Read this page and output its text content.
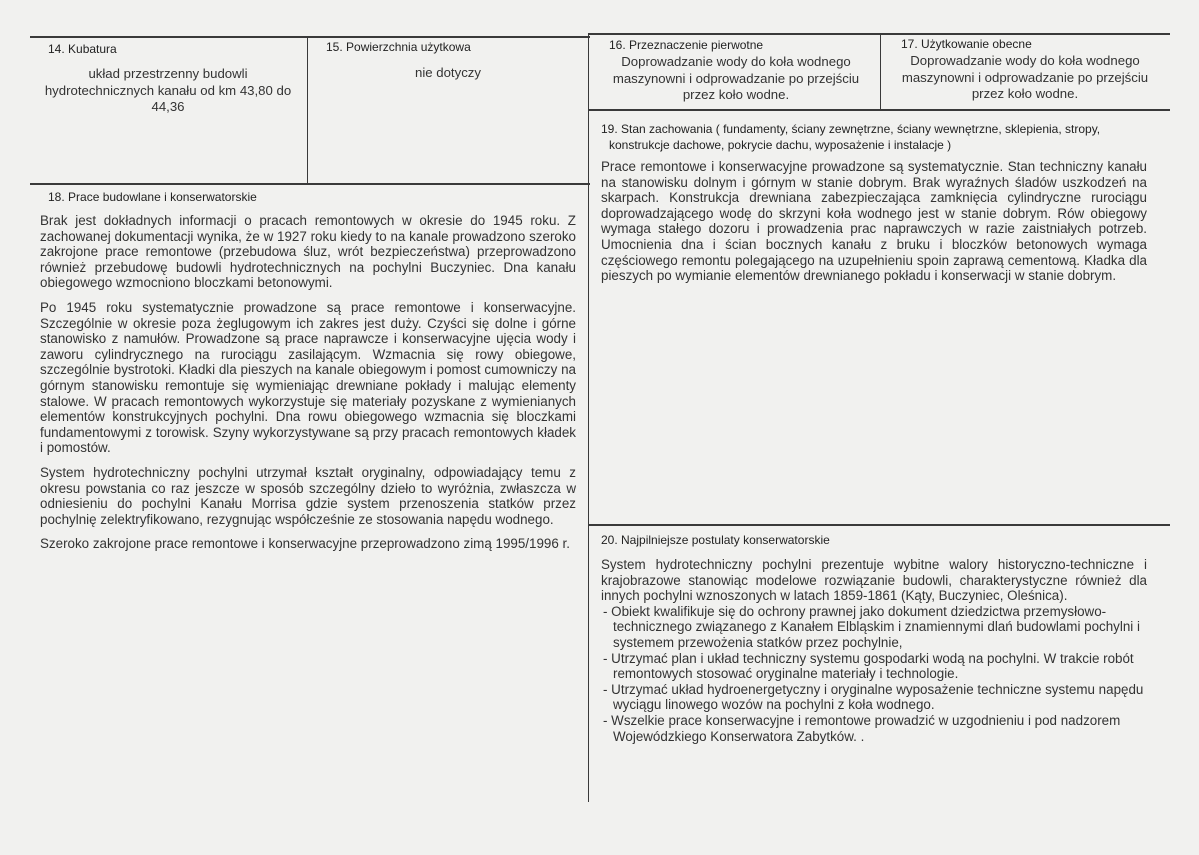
14. Kubatura
układ przestrzenny budowli hydrotechnicznych kanału od km 43,80 do 44,36
15. Powierzchnia użytkowa
nie dotyczy
16. Przeznaczenie pierwotne
Doprowadzanie wody do koła wodnego maszynowni i odprowadzanie po przejściu przez koło wodne.
17. Użytkowanie obecne
Doprowadzanie wody do koła wodnego maszynowni i odprowadzanie po przejściu przez koło wodne.
18. Prace budowlane i konserwatorskie

Brak jest dokładnych informacji o pracach remontowych w okresie do 1945 roku. Z zachowanej dokumentacji wynika, że w 1927 roku kiedy to na kanale prowadzono szeroko zakrojone prace remontowe (przebudowa śluz, wrót bezpieczeństwa) przeprowadzono również przebudowę budowli hydrotechnicznych na pochylni Buczyniec. Dna kanału obiegowego wzmocniono bloczkami betonowymi.

Po 1945 roku systematycznie prowadzone są prace remontowe i konserwacyjne. Szczególnie w okresie poza żeglugowym ich zakres jest duży. Czyści się dolne i górne stanowisko z namułów. Prowadzone są prace naprawcze i konserwacyjne ujęcia wody i zaworu cylindrycznego na rurociągu zasilającym. Wzmacnia się rowy obiegowe, szczególnie bystrotoki. Kładki dla pieszych na kanale obiegowym i pomost cumowniczy na górnym stanowisku remontuje się wymieniając drewniane pokłady i malując elementy stalowe. W pracach remontowych wykorzystuje się materiały pozyskane z wymienianych elementów konstrukcyjnych pochylni. Dna rowu obiegowego wzmacnia się bloczkami fundamentowymi z torowisk. Szyny wykorzystywane są przy pracach remontowych kładek i pomostów.

System hydrotechniczny pochylni utrzymał kształt oryginalny, odpowiadający temu z okresu powstania co raz jeszcze w sposób szczególny dzieło to wyróżnia, zwłaszcza w odniesieniu do pochylni Kanału Morrisa gdzie system przenoszenia statków przez pochylnię zelektryfikowano, rezygnując współcześnie ze stosowania napędu wodnego.

Szeroko zakrojone prace remontowe i konserwacyjne przeprowadzono zimą 1995/1996 r.

19. Stan zachowania ( fundamenty, ściany zewnętrzne, ściany wewnętrzne, sklepienia, stropy,
konstrukcje dachowe, pokrycie dachu, wyposażenie i instalacje )
Prace remontowe i konserwacyjne prowadzone są systematycznie. Stan techniczny kanału na stanowisku dolnym i górnym w stanie dobrym. Brak wyraźnych śladów uszkodzeń na skarpach. Konstrukcja drewniana zabezpieczająca zamknięcia cylindryczne rurociągu doprowadzającego wodę do skrzyni koła wodnego jest w stanie dobrym. Rów obiegowy wymaga stałego dozoru i prowadzenia prac naprawczych w razie zaistniałych potrzeb. Umocnienia dna i ścian bocznych kanału z bruku i bloczków betonowych wymaga częściowego remontu polegającego na uzupełnieniu spoin zaprawą cementową. Kładka dla pieszych po wymianie elementów drewnianego pokładu i konserwacji w stanie dobrym.
20. Najpilniejsze postulaty konserwatorskie
System hydrotechniczny pochylni prezentuje wybitne walory historyczno-techniczne i krajobrazowe stanowiąc modelowe rozwiązanie budowli, charakterystyczne również dla innych pochylni wznoszonych w latach 1859-1861 (Kąty, Buczyniec, Oleśnica).
- Obiekt kwalifikuje się do ochrony prawnej jako dokument dziedzictwa przemysłowo-technicznego związanego z Kanałem Elbląskim i znamiennymi dlań budowlami pochylni i systemem przewożenia statków przez pochylnie,
- Utrzymać plan i układ techniczny systemu gospodarki wodą na pochylni. W trakcie robót remontowych stosować oryginalne materiały i technologie.
- Utrzymać układ hydroenergetyczny i oryginalne wyposażenie techniczne systemu napędu wyciągu linowego wozów na pochylni z koła wodnego.
- Wszelkie prace konserwacyjne i remontowe prowadzić w uzgodnieniu i pod nadzorem Wojewódzkiego Konserwatora Zabytków. .
